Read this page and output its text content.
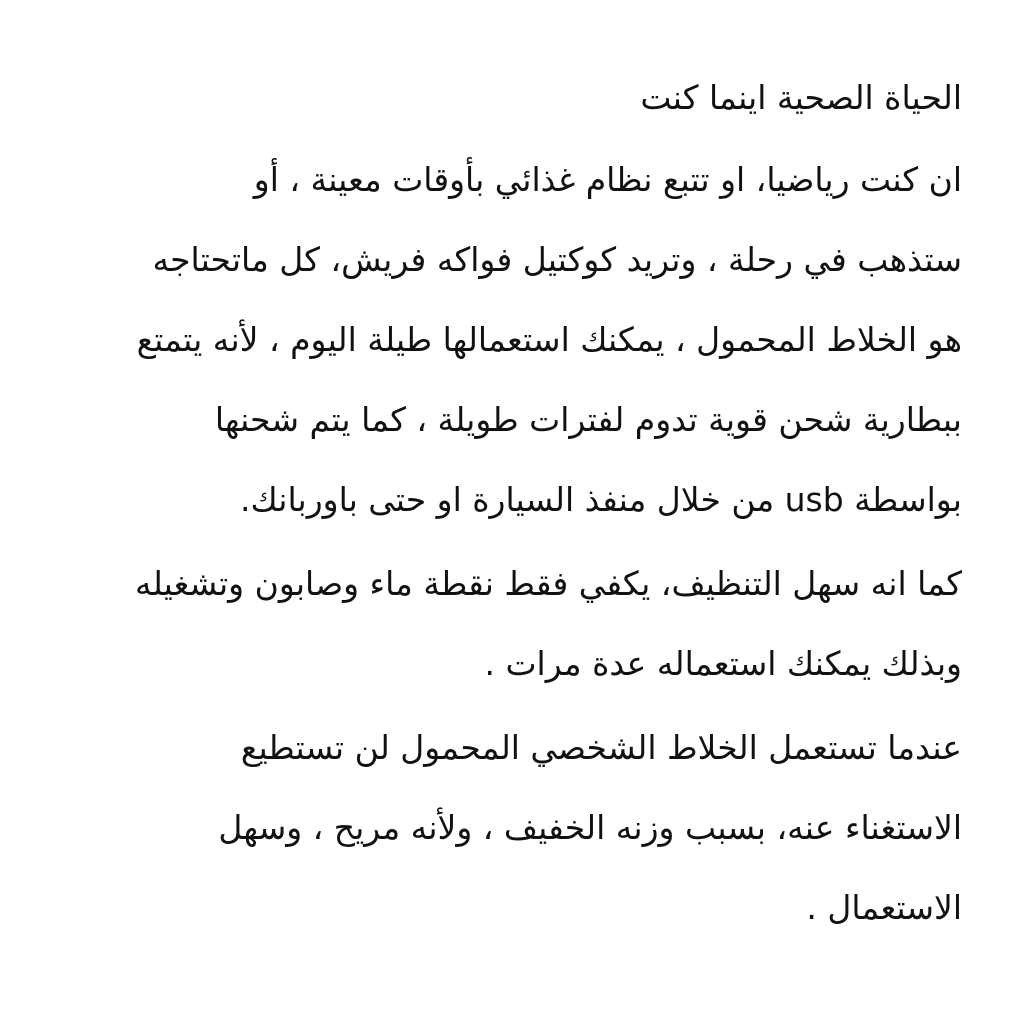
الحياة الصحية اينما كنت
ان كنت رياضيا، او تتبع نظام غذائي بأوقات معينة ، أو
ستذهب في رحلة ، وتريد كوكتيل فواكه فريش، كل ماتحتاجه
هو الخلاط المحمول ، يمكنك استعمالها طيلة اليوم ، لأنه يتمتع
ببطارية شحن قوية تدوم لفترات طويلة ، كما يتم شحنها
بواسطة usb من خلال منفذ السيارة او حتى باوربانك.
كما انه سهل التنظيف، يكفي فقط نقطة ماء وصابون وتشغيله
وبذلك يمكنك استعماله عدة مرات .
عندما تستعمل الخلاط الشخصي المحمول لن تستطيع
الاستغناء عنه، بسبب وزنه الخفيف ، ولأنه مريح ، وسهل
الاستعمال .
